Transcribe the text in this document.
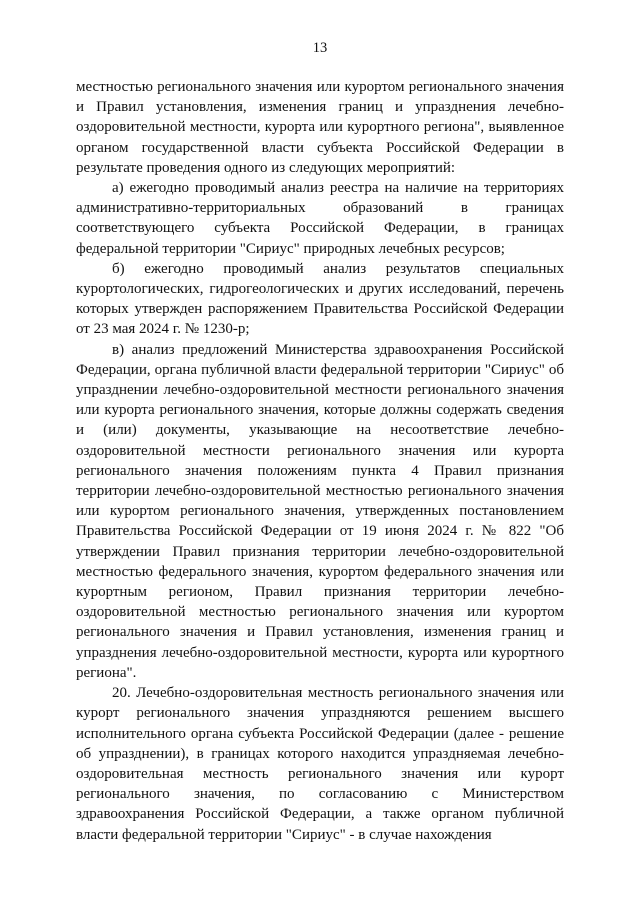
13

местностью регионального значения или курортом регионального значения и Правил установления, изменения границ и упразднения лечебно-оздоровительной местности, курорта или курортного региона", выявленное органом государственной власти субъекта Российской Федерации в результате проведения одного из следующих мероприятий:

а) ежегодно проводимый анализ реестра на наличие на территориях административно-территориальных образований в границах соответствующего субъекта Российской Федерации, в границах федеральной территории "Сириус" природных лечебных ресурсов;

б) ежегодно проводимый анализ результатов специальных курортологических, гидрогеологических и других исследований, перечень которых утвержден распоряжением Правительства Российской Федерации от 23 мая 2024 г. № 1230-р;

в) анализ предложений Министерства здравоохранения Российской Федерации, органа публичной власти федеральной территории "Сириус" об упразднении лечебно-оздоровительной местности регионального значения или курорта регионального значения, которые должны содержать сведения и (или) документы, указывающие на несоответствие лечебно-оздоровительной местности регионального значения или курорта регионального значения положениям пункта 4 Правил признания территории лечебно-оздоровительной местностью регионального значения или курортом регионального значения, утвержденных постановлением Правительства Российской Федерации от 19 июня 2024 г. № 822 "Об утверждении Правил признания территории лечебно-оздоровительной местностью федерального значения, курортом федерального значения или курортным регионом, Правил признания территории лечебно-оздоровительной местностью регионального значения или курортом регионального значения и Правил установления, изменения границ и упразднения лечебно-оздоровительной местности, курорта или курортного региона".

20. Лечебно-оздоровительная местность регионального значения или курорт регионального значения упраздняются решением высшего исполнительного органа субъекта Российской Федерации (далее - решение об упразднении), в границах которого находится упраздняемая лечебно-оздоровительная местность регионального значения или курорт регионального значения, по согласованию с Министерством здравоохранения Российской Федерации, а также органом публичной власти федеральной территории "Сириус" - в случае нахождения
